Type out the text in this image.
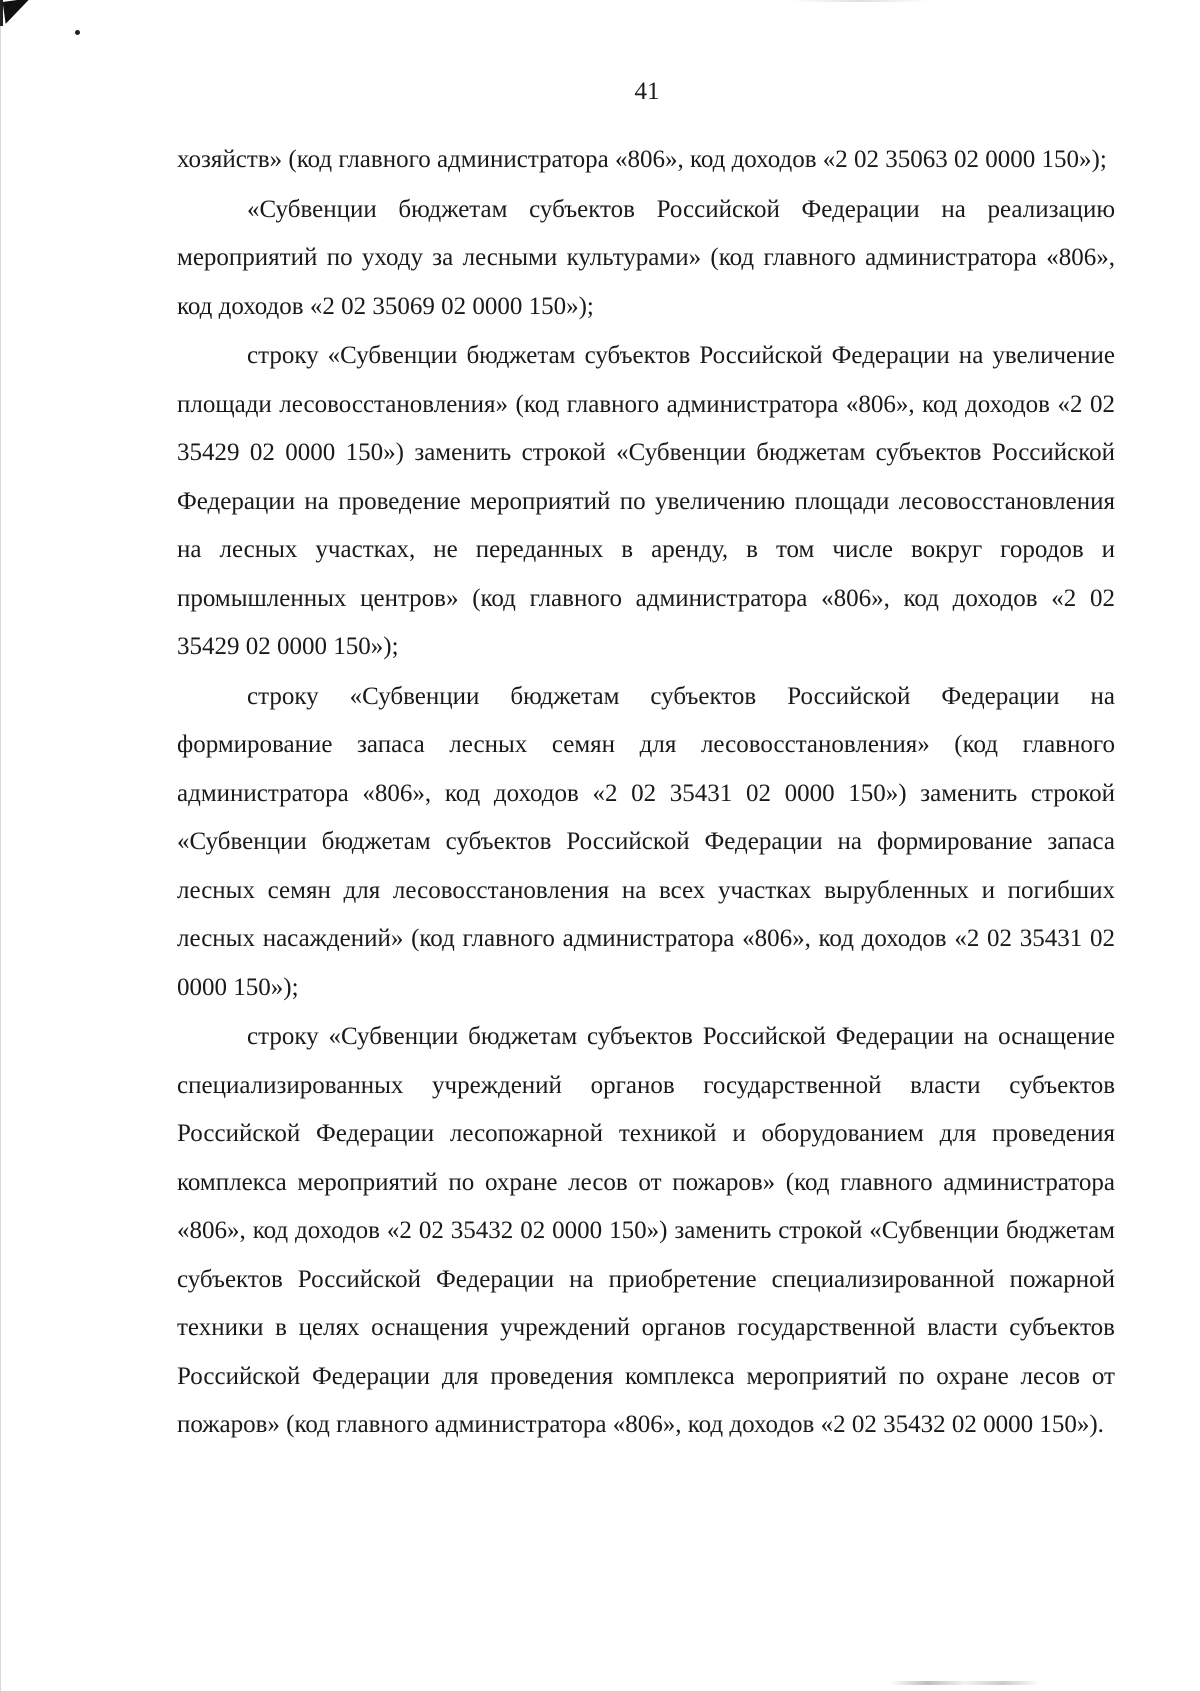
41

хозяйств» (код главного администратора «806», код доходов «2 02 35063 02 0000 150»);

«Субвенции бюджетам субъектов Российской Федерации на реализацию мероприятий по уходу за лесными культурами» (код главного администратора «806», код доходов «2 02 35069 02 0000 150»);

строку «Субвенции бюджетам субъектов Российской Федерации на увеличение площади лесовосстановления» (код главного администратора «806», код доходов «2 02 35429 02 0000 150») заменить строкой «Субвенции бюджетам субъектов Российской Федерации на проведение мероприятий по увеличению площади лесовосстановления на лесных участках, не переданных в аренду, в том числе вокруг городов и промышленных центров» (код главного администратора «806», код доходов «2 02 35429 02 0000 150»);

строку «Субвенции бюджетам субъектов Российской Федерации на формирование запаса лесных семян для лесовосстановления» (код главного администратора «806», код доходов «2 02 35431 02 0000 150») заменить строкой «Субвенции бюджетам субъектов Российской Федерации на формирование запаса лесных семян для лесовосстановления на всех участках вырубленных и погибших лесных насаждений» (код главного администратора «806», код доходов «2 02 35431 02 0000 150»);

строку «Субвенции бюджетам субъектов Российской Федерации на оснащение специализированных учреждений органов государственной власти субъектов Российской Федерации лесопожарной техникой и оборудованием для проведения комплекса мероприятий по охране лесов от пожаров» (код главного администратора «806», код доходов «2 02 35432 02 0000 150») заменить строкой «Субвенции бюджетам субъектов Российской Федерации на приобретение специализированной пожарной техники в целях оснащения учреждений органов государственной власти субъектов Российской Федерации для проведения комплекса мероприятий по охране лесов от пожаров» (код главного администратора «806», код доходов «2 02 35432 02 0000 150»).
